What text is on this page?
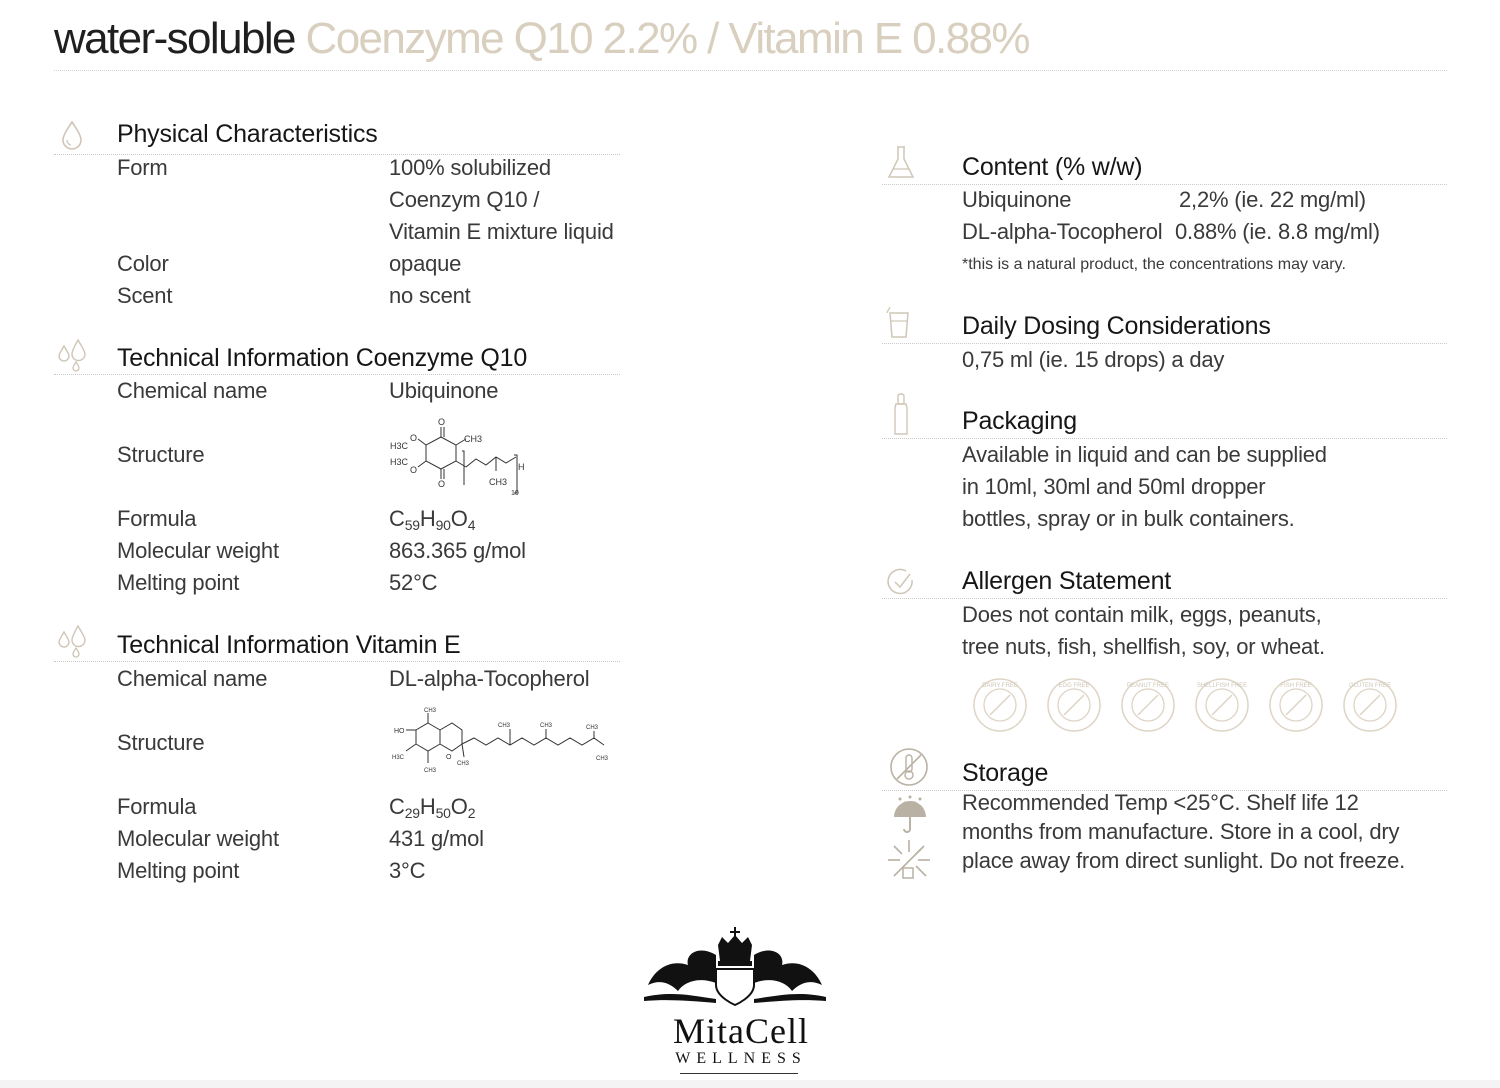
water-soluble Coenzyme Q10 2.2% / Vitamin E 0.88%
Physical Characteristics
Form	100% solubilized
Coenzym Q10 /
Vitamin E mixture liquid
Color	opaque
Scent	no scent
Technical Information Coenzyme Q10
Chemical name	Ubiquinone
Structure	H3C
O
H3C
O
O
O
CH3
CH3
H
10
Formula	$C_{59}H_{90}O_4$
Molecular weight	863.365 g/mol
Melting point	52°C
Technical Information Vitamin E
Chemical name	DL-alpha-Tocopherol
Structure	HO
CH3
H3C
CH3
O
CH3
CH3	CH3	CH3
CH3
Formula	$C_{29}H_{50}O_2$
Molecular weight	431 g/mol
Melting point	3°C
Content (% w/w)
Ubiquinone	2,2% (ie. 22 mg/ml)
DL-alpha-Tocopherol 0.88% (ie. 8.8 mg/ml)
*this is a natural product, the concentrations may vary.
Daily Dosing Considerations
0,75 ml (ie. 15 drops) a day
Packaging
Available in liquid and can be supplied
in 10ml, 30ml and 50ml dropper
bottles, spray or in bulk containers.
Allergen Statement
Does not contain milk, eggs, peanuts,
tree nuts, fish, shellfish, soy, or wheat.
DAIRY FREE	EGG FREE	PEANUT FREE	SHELLFISH FREE	FISH FREE	GLUTEN FREE
Storage
Recommended Temp <25°C. Shelf life 12
months from manufacture. Store in a cool, dry
place away from direct sunlight. Do not freeze.
MitaCell
WELLNESS
